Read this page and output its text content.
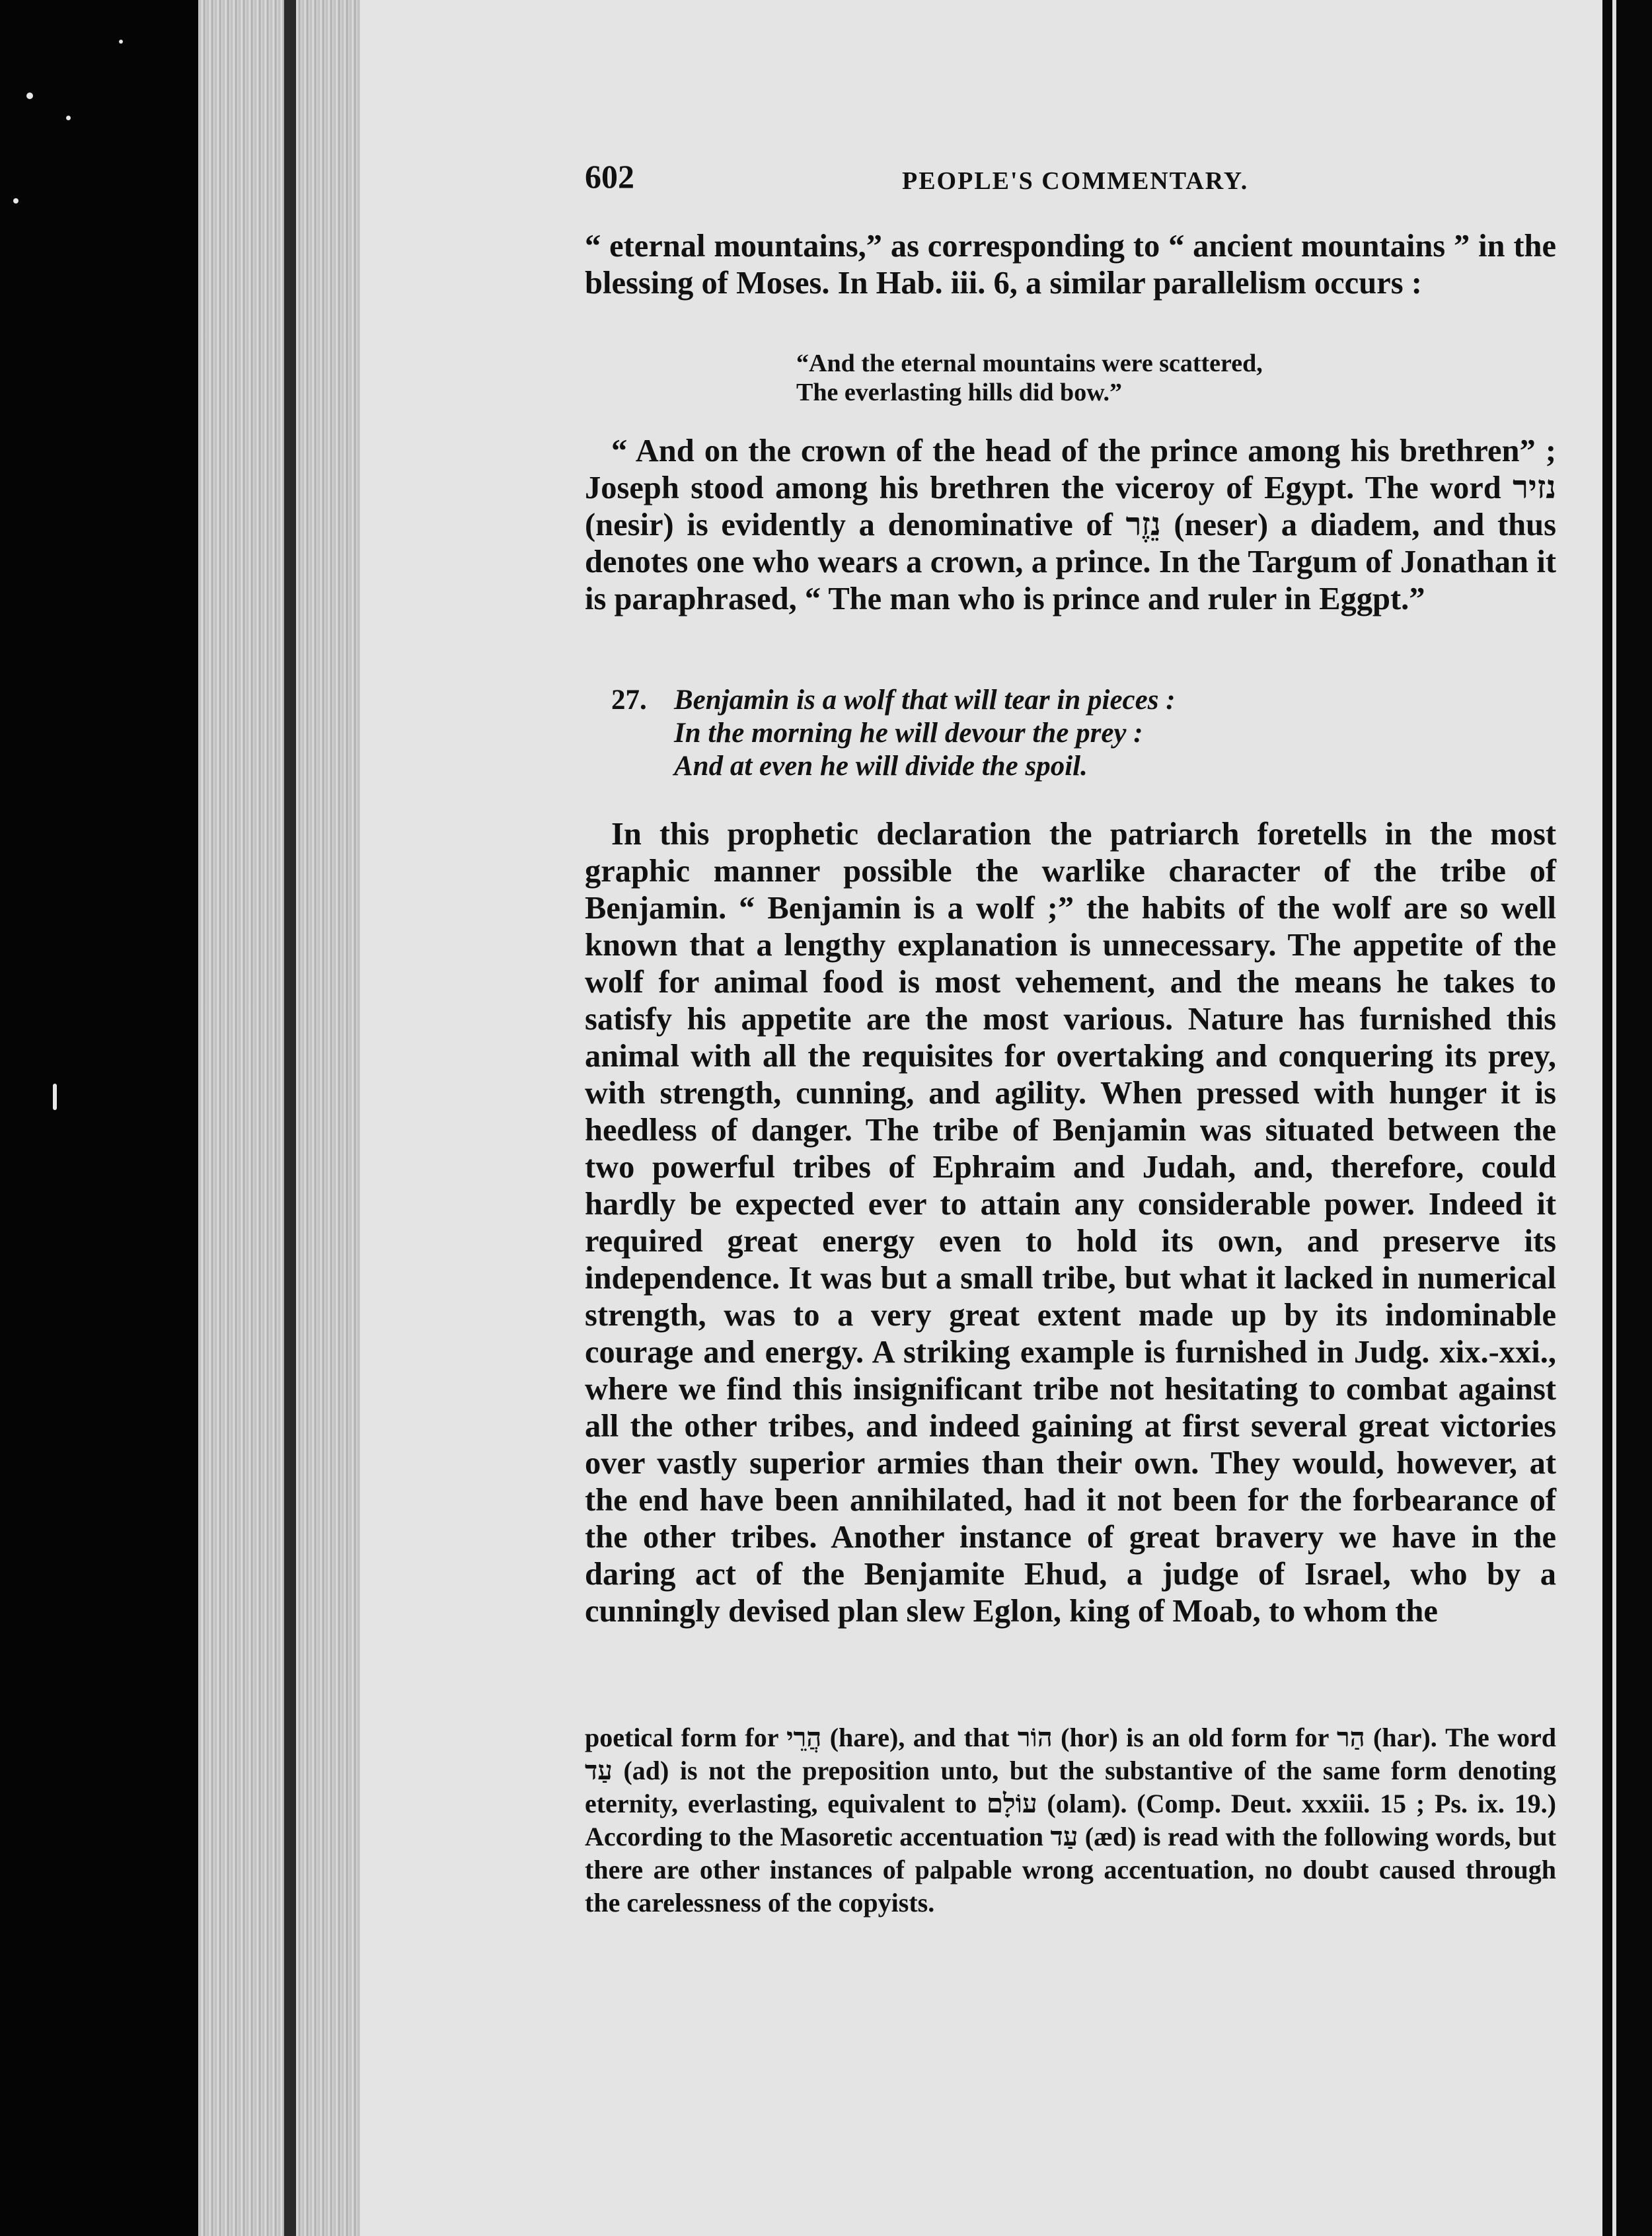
602	PEOPLE'S COMMENTARY.

“ eternal mountains,” as corresponding to “ ancient mountains ” in the blessing of Moses. In Hab. iii. 6, a similar parallelism occurs :

“And the eternal mountains were scattered,
The everlasting hills did bow.”

“ And on the crown of the head of the prince among his brethren” ; Joseph stood among his brethren the viceroy of Egypt. The word נזיר (nesir) is evidently a denominative of נֵזֶר (neser) a diadem, and thus denotes one who wears a crown, a prince. In the Targum of Jonathan it is paraphrased, “ The man who is prince and ruler in Eggpt.”

27. Benjamin is a wolf that will tear in pieces :
In the morning he will devour the prey :
And at even he will divide the spoil.

In this prophetic declaration the patriarch foretells in the most graphic manner possible the warlike character of the tribe of Benjamin. “ Benjamin is a wolf ;” the habits of the wolf are so well known that a lengthy explanation is unnecessary. The appetite of the wolf for animal food is most vehement, and the means he takes to satisfy his appetite are the most various. Nature has furnished this animal with all the requisites for overtaking and conquering its prey, with strength, cunning, and agility. When pressed with hunger it is heedless of danger. The tribe of Benjamin was situated between the two powerful tribes of Ephraim and Judah, and, therefore, could hardly be expected ever to attain any considerable power. Indeed it required great energy even to hold its own, and preserve its independence. It was but a small tribe, but what it lacked in numerical strength, was to a very great extent made up by its indominable courage and energy. A striking example is furnished in Judg. xix.-xxi., where we find this insignificant tribe not hesitating to combat against all the other tribes, and indeed gaining at first several great victories over vastly superior armies than their own. They would, however, at the end have been annihilated, had it not been for the forbearance of the other tribes. Another instance of great bravery we have in the daring act of the Benjamite Ehud, a judge of Israel, who by a cunningly devised plan slew Eglon, king of Moab, to whom the

poetical form for הֲרֵי (hare), and that הוֹר (hor) is an old form for הַר (har). The word עַד (ad) is not the preposition unto, but the substantive of the same form denoting eternity, everlasting, equivalent to עוֹלָם (olam). (Comp. Deut. xxxiii. 15 ; Ps. ix. 19.) According to the Masoretic accentuation עַד (æd) is read with the following words, but there are other instances of palpable wrong accentuation, no doubt caused through the carelessness of the copyists.
